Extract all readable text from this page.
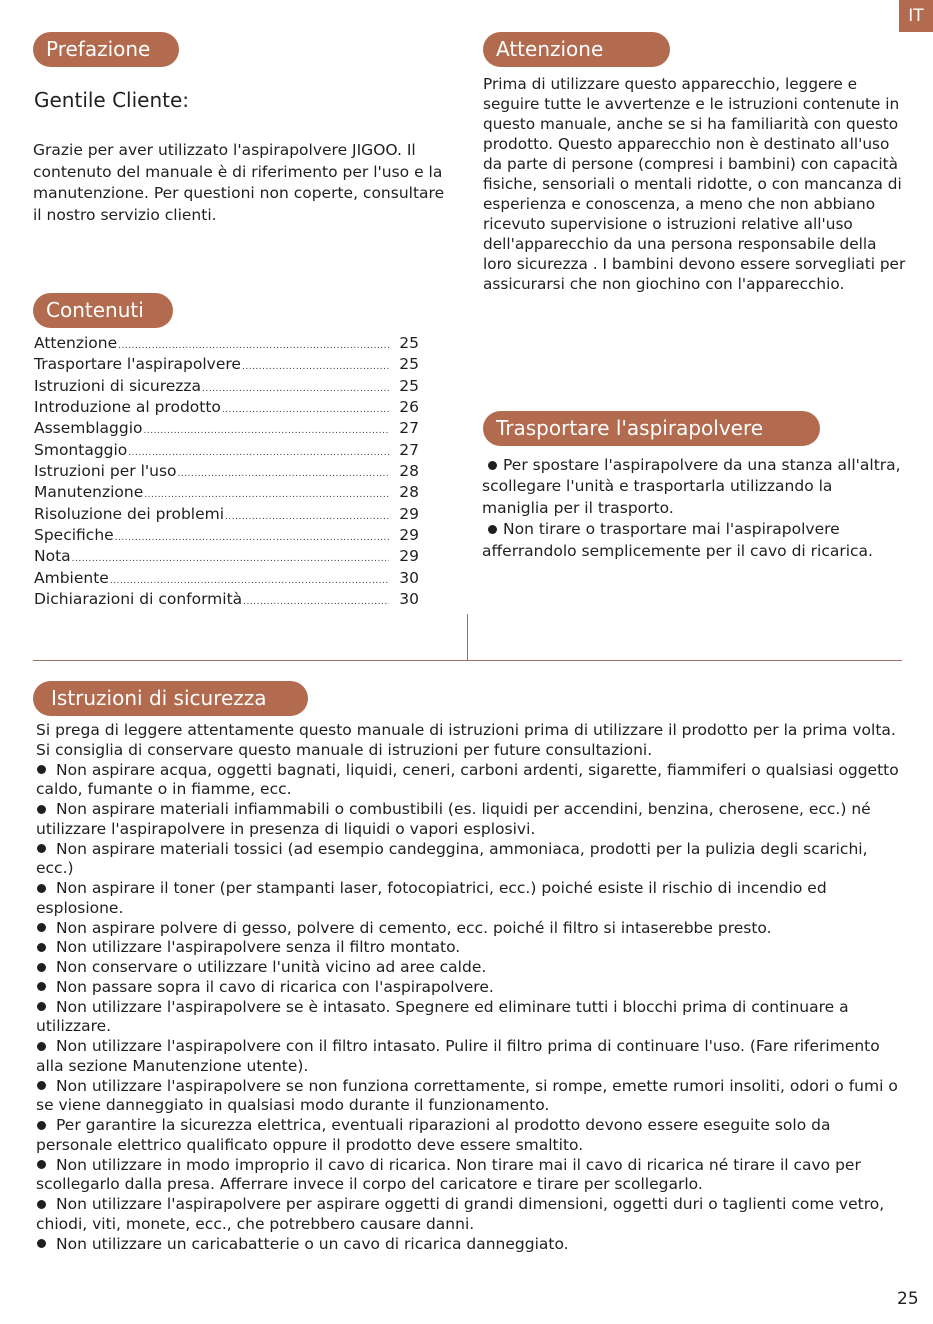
IT
Prefazione
Gentile Cliente:
Grazie per aver utilizzato l'aspirapolvere JIGOO. Il contenuto del manuale è di riferimento per l'uso e la manutenzione. Per questioni non coperte, consultare il nostro servizio clienti.
Contenuti
Attenzione .....	25
Trasportare l'aspirapolvere .....	25
Istruzioni di sicurezza .....	25
Introduzione al prodotto .....	26
Assemblaggio .....	27
Smontaggio .....	27
Istruzioni per l'uso .....	28
Manutenzione .....	28
Risoluzione dei problemi .....	29
Specifiche .....	29
Nota .....	29
Ambiente .....	30
Dichiarazioni di conformità .....	30
Attenzione
Prima di utilizzare questo apparecchio, leggere e seguire tutte le avvertenze e le istruzioni contenute in questo manuale, anche se si ha familiarità con questo prodotto. Questo apparecchio non è destinato all'uso da parte di persone (compresi i bambini) con capacità fisiche, sensoriali o mentali ridotte, o con mancanza di esperienza e conoscenza, a meno che non abbiano ricevuto supervisione o istruzioni relative all'uso dell'apparecchio da una persona responsabile della loro sicurezza . I bambini devono essere sorvegliati per assicurarsi che non giochino con l'apparecchio.
Trasportare l'aspirapolvere

Per spostare l'aspirapolvere da una stanza all'altra, scollegare l'unità e trasportarla utilizzando la maniglia per il trasporto.

Non tirare o trasportare mai l'aspirapolvere afferrandolo semplicemente per il cavo di ricarica.

Istruzioni di sicurezza

Si prega di leggere attentamente questo manuale di istruzioni prima di utilizzare il prodotto per la prima volta. Si consiglia di conservare questo manuale di istruzioni per future consultazioni.

Non aspirare acqua, oggetti bagnati, liquidi, ceneri, carboni ardenti, sigarette, fiammiferi o qualsiasi oggetto caldo, fumante o in fiamme, ecc.

Non aspirare materiali infiammabili o combustibili (es. liquidi per accendini, benzina, cherosene, ecc.) né utilizzare l'aspirapolvere in presenza di liquidi o vapori esplosivi.

Non aspirare materiali tossici (ad esempio candeggina, ammoniaca, prodotti per la pulizia degli scarichi, ecc.)

Non aspirare il toner (per stampanti laser, fotocopiatrici, ecc.) poiché esiste il rischio di incendio ed esplosione.

Non aspirare polvere di gesso, polvere di cemento, ecc. poiché il filtro si intaserebbe presto.

Non utilizzare l'aspirapolvere senza il filtro montato.

Non conservare o utilizzare l'unità vicino ad aree calde.

Non passare sopra il cavo di ricarica con l'aspirapolvere.

Non utilizzare l'aspirapolvere se è intasato. Spegnere ed eliminare tutti i blocchi prima di continuare a utilizzare.

Non utilizzare l'aspirapolvere con il filtro intasato. Pulire il filtro prima di continuare l'uso. (Fare riferimento alla sezione Manutenzione utente).

Non utilizzare l'aspirapolvere se non funziona correttamente, si rompe, emette rumori insoliti, odori o fumi o se viene danneggiato in qualsiasi modo durante il funzionamento.

Per garantire la sicurezza elettrica, eventuali riparazioni al prodotto devono essere eseguite solo da personale elettrico qualificato oppure il prodotto deve essere smaltito.

Non utilizzare in modo improprio il cavo di ricarica. Non tirare mai il cavo di ricarica né tirare il cavo per scollegarlo dalla presa. Afferrare invece il corpo del caricatore e tirare per scollegarlo.

Non utilizzare l'aspirapolvere per aspirare oggetti di grandi dimensioni, oggetti duri o taglienti come vetro, chiodi, viti, monete, ecc., che potrebbero causare danni.

Non utilizzare un caricabatterie o un cavo di ricarica danneggiato.

25
